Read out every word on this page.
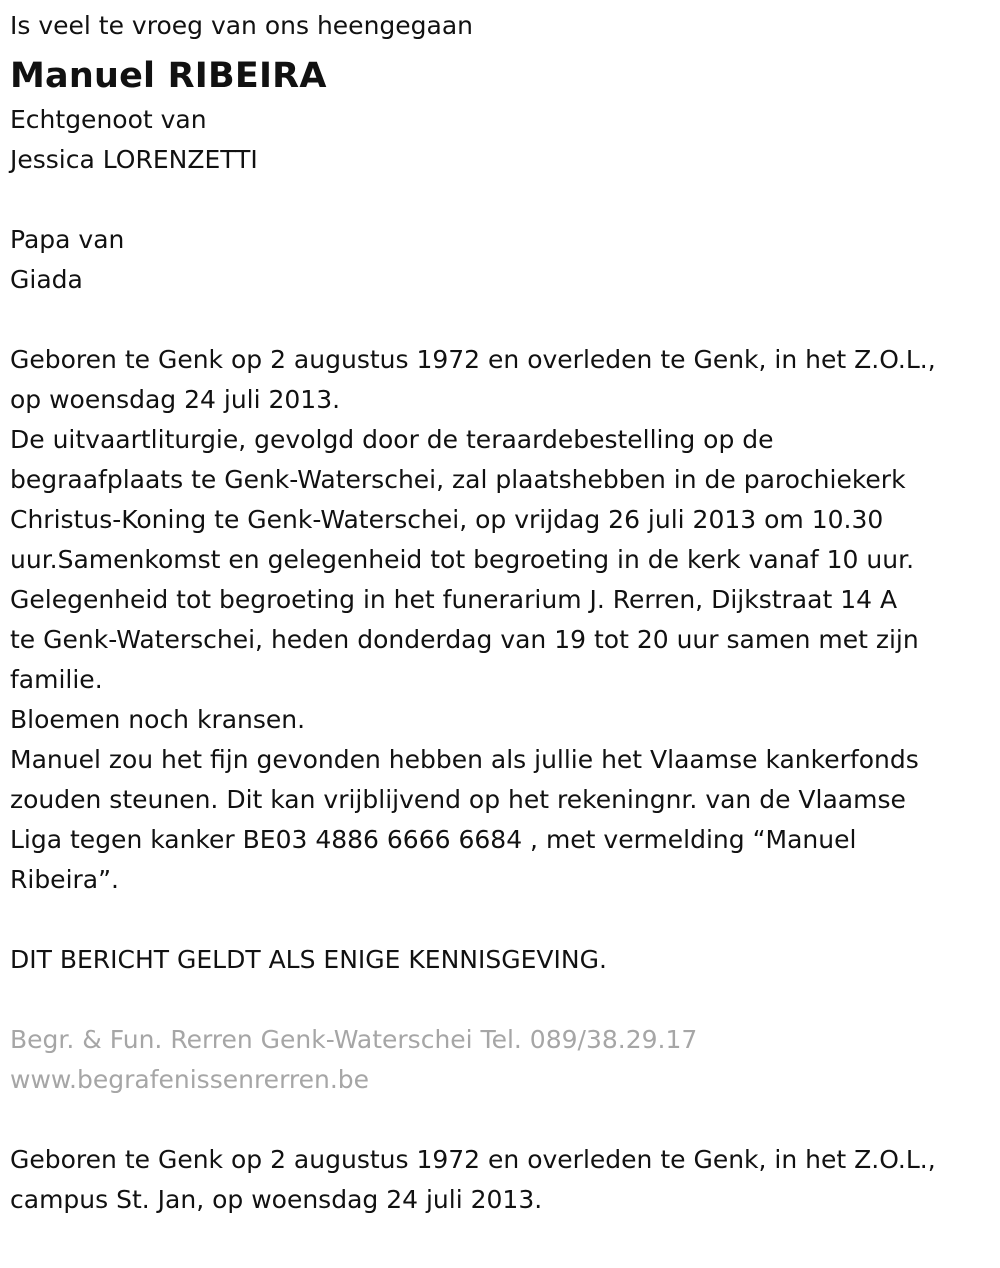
Is veel te vroeg van ons heengegaan
Manuel RIBEIRA
Echtgenoot van
Jessica LORENZETTI
Papa van
Giada
Geboren te Genk op 2 augustus 1972 en overleden te Genk, in het Z.O.L.,
op woensdag 24 juli 2013.
De uitvaartliturgie, gevolgd door de teraardebestelling op de
begraafplaats te Genk-Waterschei, zal plaatshebben in de parochiekerk
Christus-Koning te Genk-Waterschei, op vrijdag 26 juli 2013 om 10.30
uur.Samenkomst en gelegenheid tot begroeting in de kerk vanaf 10 uur.
Gelegenheid tot begroeting in het funerarium J. Rerren, Dijkstraat 14 A
te Genk-Waterschei, heden donderdag van 19 tot 20 uur samen met zijn
familie.
Bloemen noch kransen.
Manuel zou het fijn gevonden hebben als jullie het Vlaamse kankerfonds
zouden steunen. Dit kan vrijblijvend op het rekeningnr. van de Vlaamse
Liga tegen kanker BE03 4886 6666 6684 , met vermelding “Manuel
Ribeira”.
DIT BERICHT GELDT ALS ENIGE KENNISGEVING.
Begr. & Fun. Rerren Genk-Waterschei Tel. 089/38.29.17
www.begrafenissenrerren.be
Geboren te Genk op 2 augustus 1972 en overleden te Genk, in het Z.O.L.,
campus St. Jan, op woensdag 24 juli 2013.
